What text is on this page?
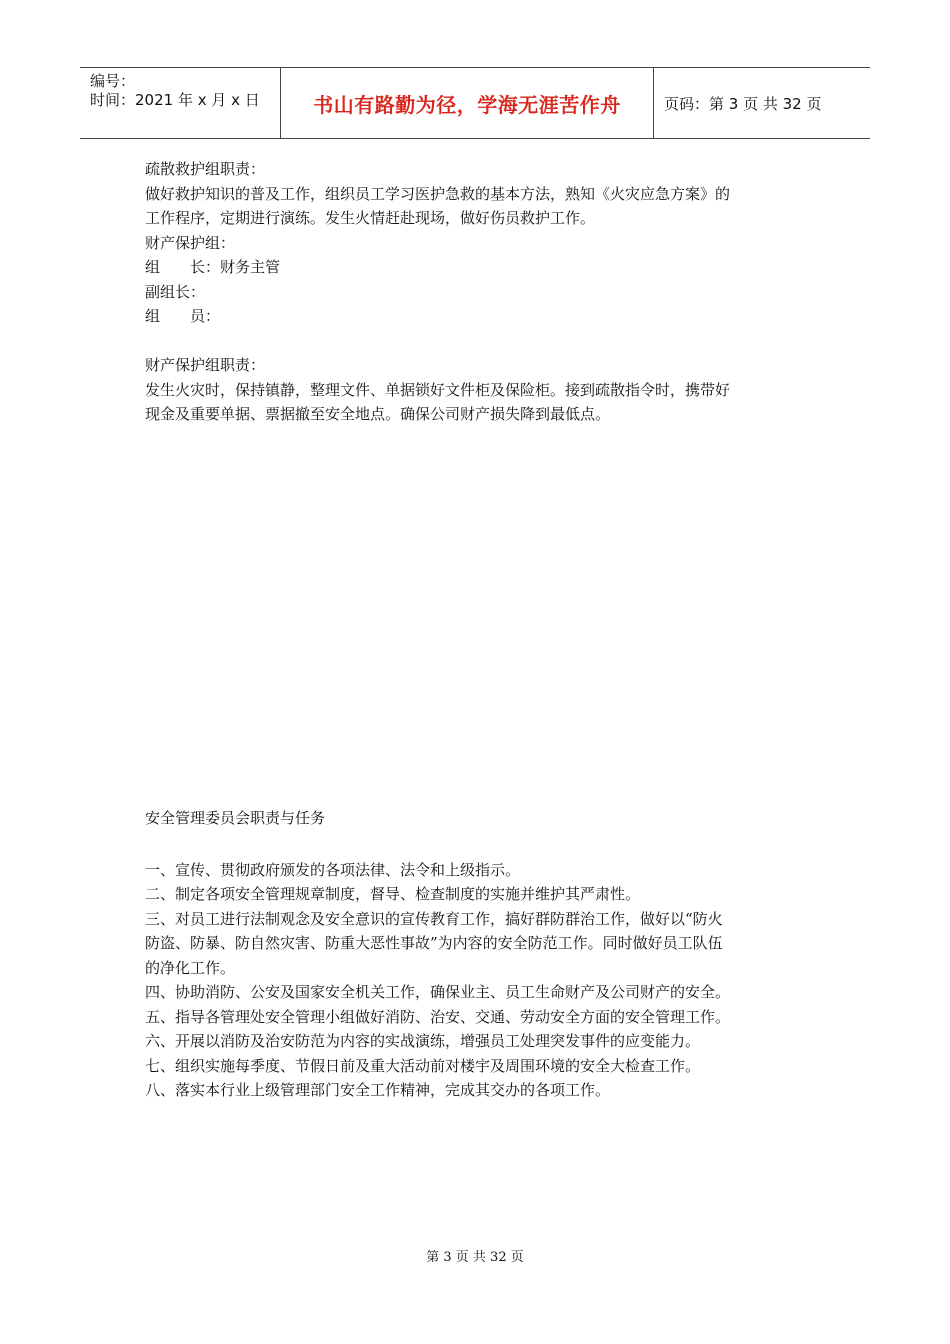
编号：
时间：2021 年 x 月 x 日	书山有路勤为径，学海无涯苦作舟	页码：第 3 页 共 32 页

疏散救护组职责：

做好救护知识的普及工作，组织员工学习医护急救的基本方法，熟知《火灾应急方案》的

工作程序，定期进行演练。发生火情赶赴现场，做好伤员救护工作。

财产保护组：

组 长：财务主管

副组长：

组 员：

财产保护组职责：

发生火灾时，保持镇静，整理文件、单据锁好文件柜及保险柜。接到疏散指令时，携带好

现金及重要单据、票据撤至安全地点。确保公司财产损失降到最低点。

安全管理委员会职责与任务

一、宣传、贯彻政府颁发的各项法律、法令和上级指示。

二、制定各项安全管理规章制度，督导、检查制度的实施并维护其严肃性。

三、对员工进行法制观念及安全意识的宣传教育工作，搞好群防群治工作，做好以“防火

防盗、防暴、防自然灾害、防重大恶性事故”为内容的安全防范工作。同时做好员工队伍

的净化工作。

四、协助消防、公安及国家安全机关工作，确保业主、员工生命财产及公司财产的安全。

五、指导各管理处安全管理小组做好消防、治安、交通、劳动安全方面的安全管理工作。

六、开展以消防及治安防范为内容的实战演练，增强员工处理突发事件的应变能力。

七、组织实施每季度、节假日前及重大活动前对楼宇及周围环境的安全大检查工作。

八、落实本行业上级管理部门安全工作精神，完成其交办的各项工作。

第 3 页 共 32 页
